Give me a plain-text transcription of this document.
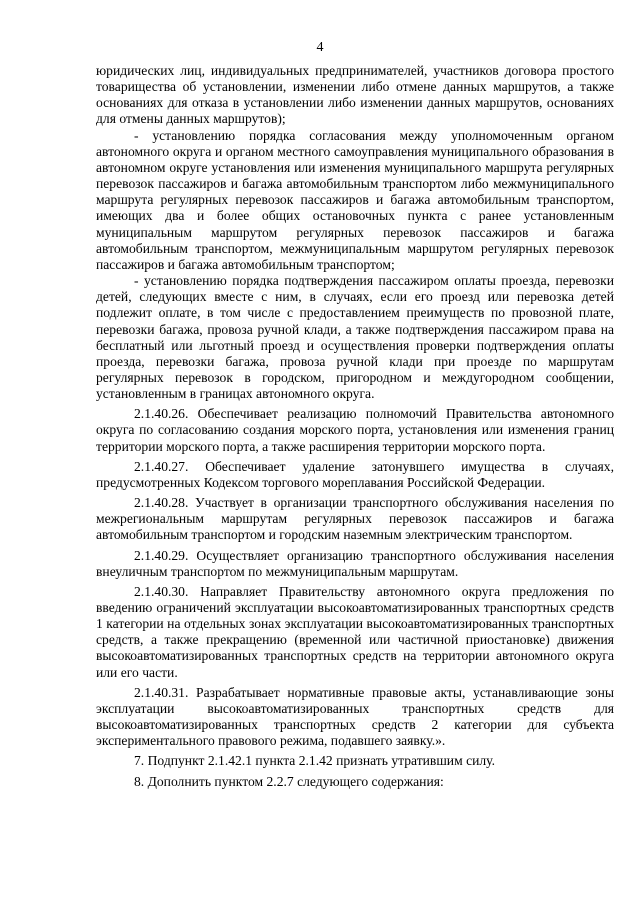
4

юридических лиц, индивидуальных предпринимателей, участников договора простого товарищества об установлении, изменении либо отмене данных маршрутов, а также основаниях для отказа в установлении либо изменении данных маршрутов, основаниях для отмены данных маршрутов);

- установлению порядка согласования между уполномоченным органом автономного округа и органом местного самоуправления муниципального образования в автономном округе установления или изменения муниципального маршрута регулярных перевозок пассажиров и багажа автомобильным транспортом либо межмуниципального маршрута регулярных перевозок пассажиров и багажа автомобильным транспортом, имеющих два и более общих остановочных пункта с ранее установленным муниципальным маршрутом регулярных перевозок пассажиров и багажа автомобильным транспортом, межмуниципальным маршрутом регулярных перевозок пассажиров и багажа автомобильным транспортом;

- установлению порядка подтверждения пассажиром оплаты проезда, перевозки детей, следующих вместе с ним, в случаях, если его проезд или перевозка детей подлежит оплате, в том числе с предоставлением преимуществ по провозной плате, перевозки багажа, провоза ручной клади, а также подтверждения пассажиром права на бесплатный или льготный проезд и осуществления проверки подтверждения оплаты проезда, перевозки багажа, провоза ручной клади при проезде по маршрутам регулярных перевозок в городском, пригородном и междугородном сообщении, установленным в границах автономного округа.

2.1.40.26. Обеспечивает реализацию полномочий Правительства автономного округа по согласованию создания морского порта, установления или изменения границ территории морского порта, а также расширения территории морского порта.

2.1.40.27. Обеспечивает удаление затонувшего имущества в случаях, предусмотренных Кодексом торгового мореплавания Российской Федерации.

2.1.40.28. Участвует в организации транспортного обслуживания населения по межрегиональным маршрутам регулярных перевозок пассажиров и багажа автомобильным транспортом и городским наземным электрическим транспортом.

2.1.40.29. Осуществляет организацию транспортного обслуживания населения внеуличным транспортом по межмуниципальным маршрутам.

2.1.40.30. Направляет Правительству автономного округа предложения по введению ограничений эксплуатации высокоавтоматизированных транспортных средств 1 категории на отдельных зонах эксплуатации высокоавтоматизированных транспортных средств, а также прекращению (временной или частичной приостановке) движения высокоавтоматизированных транспортных средств на территории автономного округа или его части.

2.1.40.31. Разрабатывает нормативные правовые акты, устанавливающие зоны эксплуатации высокоавтоматизированных транспортных средств для высокоавтоматизированных транспортных средств 2 категории для субъекта экспериментального правового режима, подавшего заявку.».

7. Подпункт 2.1.42.1 пункта 2.1.42 признать утратившим силу.

8. Дополнить пунктом 2.2.7 следующего содержания:
